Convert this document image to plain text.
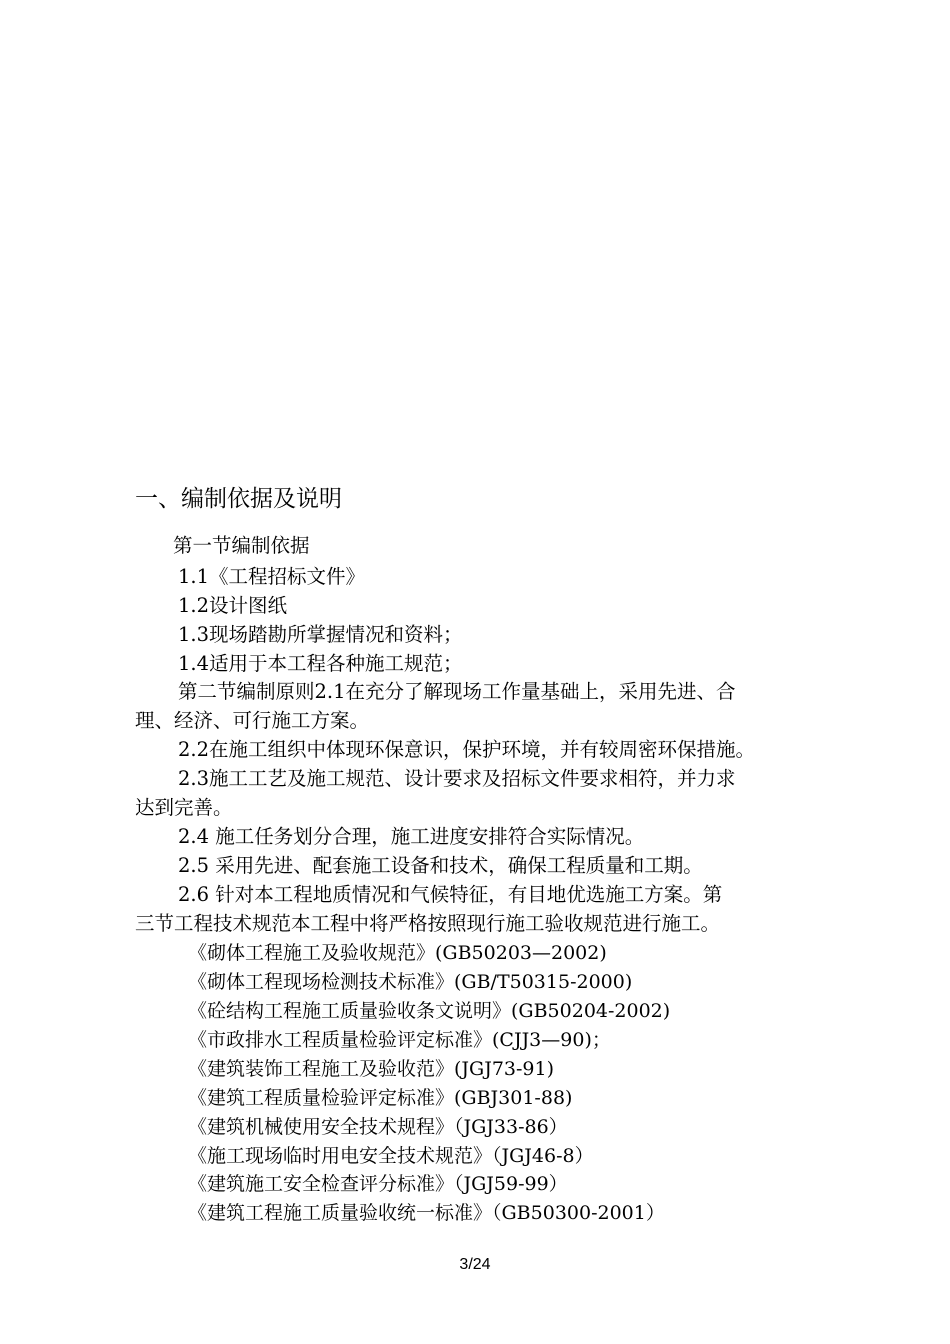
一、编制依据及说明
第一节编制依据
1.1《工程招标文件》
1.2设计图纸
1.3现场踏勘所掌握情况和资料；
1.4适用于本工程各种施工规范；
第二节编制原则2.1在充分了解现场工作量基础上，采用先进、合
理、经济、可行施工方案。
2.2在施工组织中体现环保意识，保护环境，并有较周密环保措施。
2.3施工工艺及施工规范、设计要求及招标文件要求相符，并力求
达到完善。
2.4 施工任务划分合理，施工进度安排符合实际情况。
2.5 采用先进、配套施工设备和技术，确保工程质量和工期。
2.6 针对本工程地质情况和气候特征，有目地优选施工方案。第
三节工程技术规范本工程中将严格按照现行施工验收规范进行施工。
《砌体工程施工及验收规范》(GB50203—2002)
《砌体工程现场检测技术标准》(GB/T50315-2000)
《砼结构工程施工质量验收条文说明》(GB50204-2002)
《市政排水工程质量检验评定标准》(CJJ3—90)；
《建筑装饰工程施工及验收范》(JGJ73-91)
《建筑工程质量检验评定标准》(GBJ301-88)
《建筑机械使用安全技术规程》（JGJ33-86）
《施工现场临时用电安全技术规范》（JGJ46-8）
《建筑施工安全检查评分标准》（JGJ59-99）
《建筑工程施工质量验收统一标准》（GB50300-2001）
3/24
